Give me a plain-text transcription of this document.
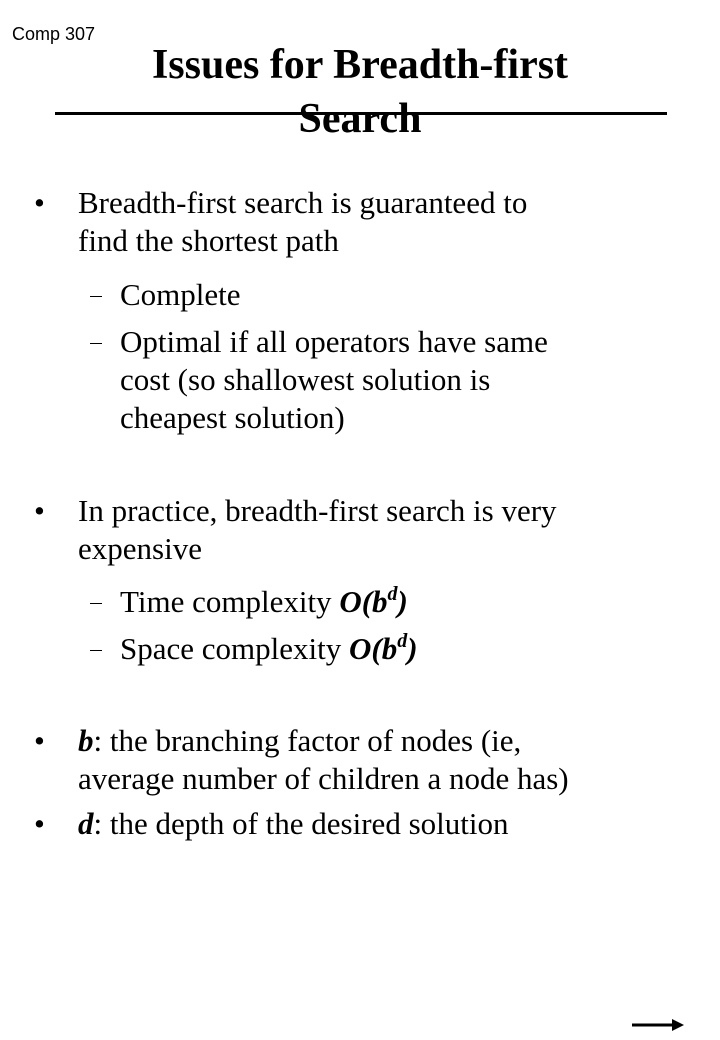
Comp 307
Issues for Breadth-first Search
• Breadth-first search is guaranteed to
find the shortest path
Complete
Optimal if all operators have same
cost (so shallowest solution is
cheapest solution)
• In practice, breadth-first search is very
expensive
Time complexity $O(b^d)$
Space complexity $O(b^d)$
• b: the branching factor of nodes (ie,
average number of children a node has)
• d: the depth of the desired solution
